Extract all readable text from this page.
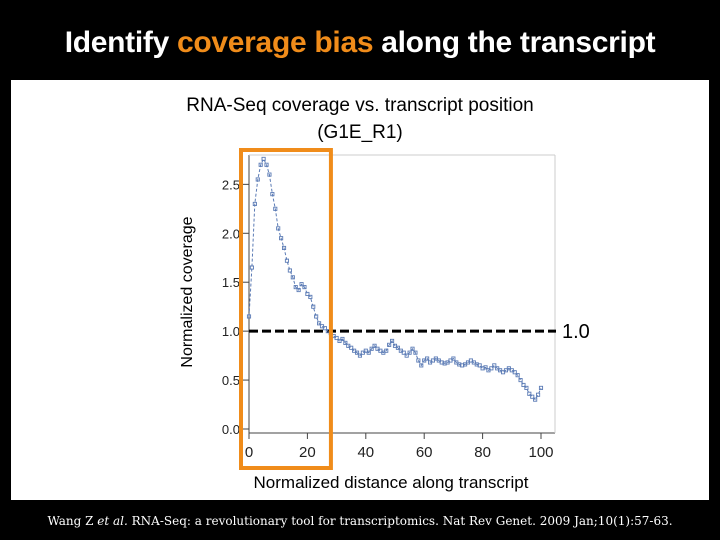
Identify coverage bias along the transcript
RNA-Seq coverage vs. transcript position
(G1E_R1)
0.0
0.5
1.0
1.5
2.0
2.5
0	20	40	60	80	100
Normalized coverage
Normalized distance along transcript
1.0
Wang Z et al. RNA-Seq: a revolutionary tool for transcriptomics. Nat Rev Genet. 2009 Jan;10(1):57-63.
